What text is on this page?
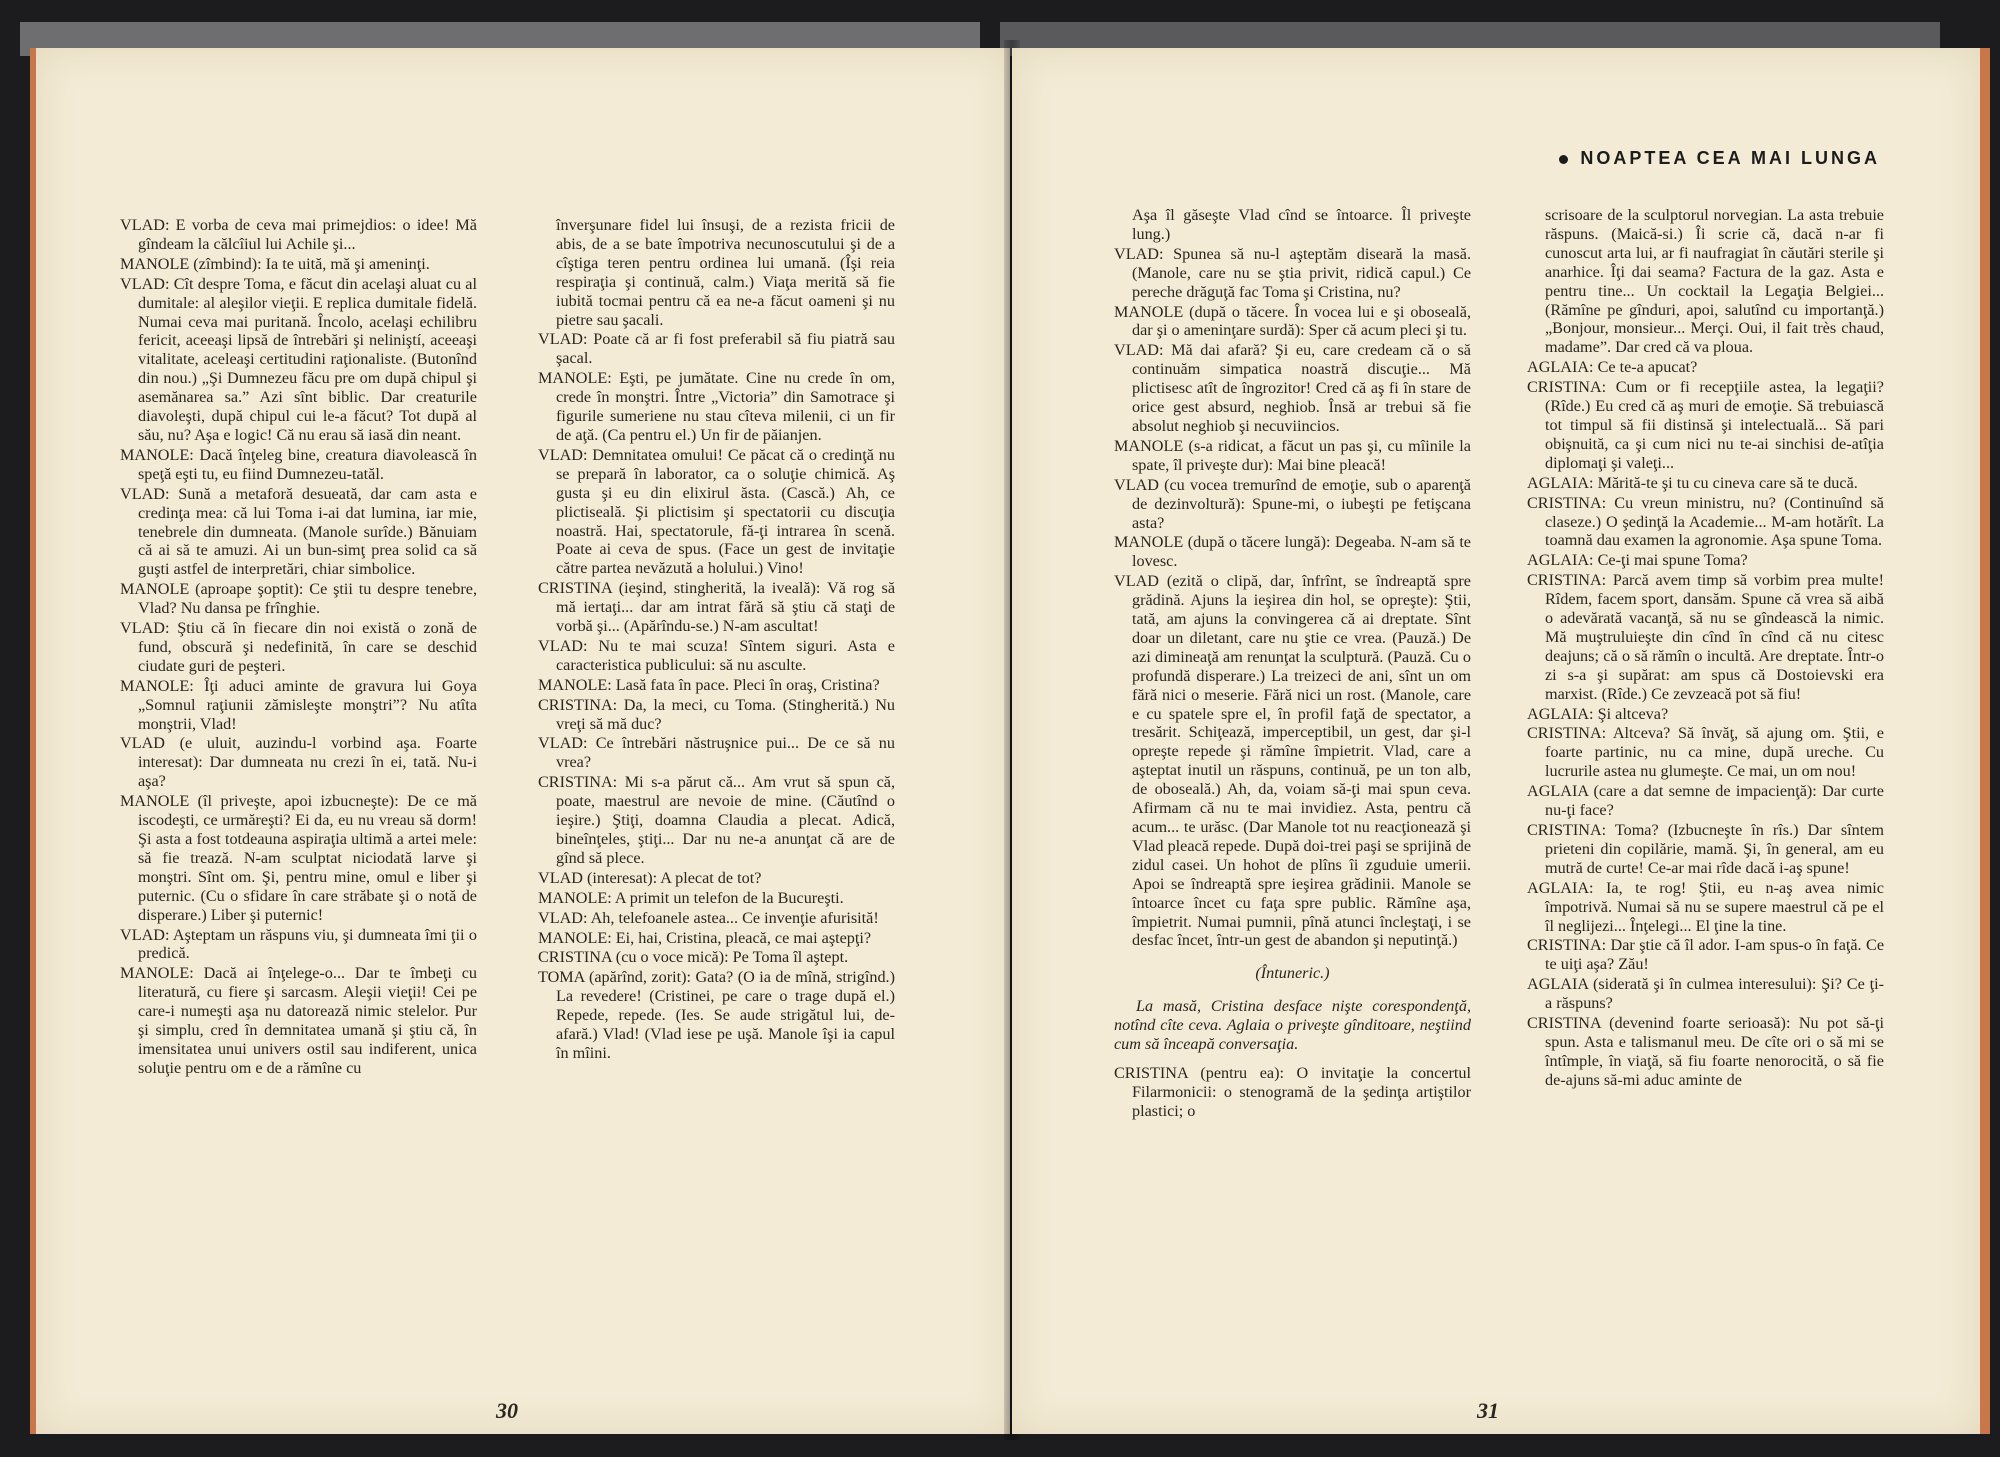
VLAD: E vorba de ceva mai primejdios: o idee! Mă gîndeam la călcîiul lui Achile şi...
MANOLE (zîmbind): Ia te uită, mă şi ameninţi.
VLAD: Cît despre Toma, e făcut din acelaşi aluat cu al dumitale: al aleşilor vieţii. E replica dumitale fidelă. Numai ceva mai puritană. Încolo, acelaşi echilibru fericit, aceeaşi lipsă de întrebări şi neliniştí, aceeaşi vitalitate, aceleaşi certitudini raţionaliste. (Butonînd din nou.) „Şi Dumnezeu făcu pre om după chipul şi asemănarea sa.” Azi sînt biblic. Dar creaturile diavoleşti, după chipul cui le-a făcut? Tot după al său, nu? Aşa e logic! Că nu erau să iasă din neant.
MANOLE: Dacă înţeleg bine, creatura diavolească în speţă eşti tu, eu fiind Dumnezeu-tatăl.
VLAD: Sună a metaforă desueată, dar cam asta e credinţa mea: că lui Toma i-ai dat lumina, iar mie, tenebrele din dumneata. (Manole surîde.) Bănuiam că ai să te amuzi. Ai un bun-simţ prea solid ca să guşti astfel de interpretări, chiar simbolice.
MANOLE (aproape şoptit): Ce ştii tu despre tenebre, Vlad? Nu dansa pe frînghie.
VLAD: Ştiu că în fiecare din noi există o zonă de fund, obscură şi nedefinită, în care se deschid ciudate guri de peşteri.
MANOLE: Îţi aduci aminte de gravura lui Goya „Somnul raţiunii zămisleşte monştri”? Nu atîta monştrii, Vlad!
VLAD (e uluit, auzindu-l vorbind aşa. Foarte interesat): Dar dumneata nu crezi în ei, tată. Nu-i aşa?
MANOLE (îl priveşte, apoi izbucneşte): De ce mă iscodeşti, ce urmăreşti? Ei da, eu nu vreau să dorm! Şi asta a fost totdeauna aspiraţia ultimă a artei mele: să fie trează. N-am sculptat niciodată larve şi monştri. Sînt om. Şi, pentru mine, omul e liber şi puternic. (Cu o sfidare în care străbate şi o notă de disperare.) Liber şi puternic!
VLAD: Aşteptam un răspuns viu, şi dumneata îmi ţii o predică.
MANOLE: Dacă ai înţelege-o... Dar te îmbeţi cu literatură, cu fiere şi sarcasm. Aleşii vieţii! Cei pe care-i numeşti aşa nu datorează nimic stelelor. Pur şi simplu, cred în demnitatea umană şi ştiu că, în imensitatea unui univers ostil sau indiferent, unica soluţie pentru om e de a rămîne cu
înverşunare fidel lui însuşi, de a rezista fricii de abis, de a se bate împotriva necunoscutului şi de a cîştiga teren pentru ordinea lui umană. (Îşi reia respiraţia şi continuă, calm.) Viaţa merită să fie iubită tocmai pentru că ea ne-a făcut oameni şi nu pietre sau şacali.
VLAD: Poate că ar fi fost preferabil să fiu piatră sau şacal.
MANOLE: Eşti, pe jumătate. Cine nu crede în om, crede în monştri. Între „Victoria” din Samotrace şi figurile sumeriene nu stau cîteva milenii, ci un fir de aţă. (Ca pentru el.) Un fir de păianjen.
VLAD: Demnitatea omului! Ce păcat că o credinţă nu se prepară în laborator, ca o soluţie chimică. Aş gusta şi eu din elixirul ăsta. (Cască.) Ah, ce plictiseală. Şi plictisim şi spectatorii cu discuţia noastră. Hai, spectatorule, fă-ţi intrarea în scenă. Poate ai ceva de spus. (Face un gest de invitaţie către partea nevăzută a holului.) Vino!
CRISTINA (ieşind, stingherită, la iveală): Vă rog să mă iertaţi... dar am intrat fără să ştiu că staţi de vorbă şi... (Apărîndu-se.) N-am ascultat!
VLAD: Nu te mai scuza! Sîntem siguri. Asta e caracteristica publicului: să nu asculte.
MANOLE: Lasă fata în pace. Pleci în oraş, Cristina?
CRISTINA: Da, la meci, cu Toma. (Stingherită.) Nu vreţi să mă duc?
VLAD: Ce întrebări năstruşnice pui... De ce să nu vrea?
CRISTINA: Mi s-a părut că... Am vrut să spun că, poate, maestrul are nevoie de mine. (Căutînd o ieşire.) Ştiţi, doamna Claudia a plecat. Adică, bineînţeles, ştiţi... Dar nu ne-a anunţat că are de gînd să plece.
VLAD (interesat): A plecat de tot?
MANOLE: A primit un telefon de la Bucureşti.
VLAD: Ah, telefoanele astea... Ce invenţie afurisită!
MANOLE: Ei, hai, Cristina, pleacă, ce mai aştepţi?
CRISTINA (cu o voce mică): Pe Toma îl aştept.
TOMA (apărînd, zorit): Gata? (O ia de mînă, strigînd.) La revedere! (Cristinei, pe care o trage după el.) Repede, repede. (Ies. Se aude strigătul lui, de-afară.) Vlad! (Vlad iese pe uşă. Manole îşi ia capul în mîini.
30
NOAPTEA CEA MAI LUNGA
Aşa îl găseşte Vlad cînd se întoarce. Îl priveşte lung.)
VLAD: Spunea să nu-l aşteptăm diseară la masă. (Manole, care nu se ştia privit, ridică capul.) Ce pereche drăguţă fac Toma şi Cristina, nu?
MANOLE (după o tăcere. În vocea lui e şi oboseală, dar şi o ameninţare surdă): Sper că acum pleci şi tu.
VLAD: Mă dai afară? Şi eu, care credeam că o să continuăm simpatica noastră discuţie... Mă plictisesc atît de îngrozitor! Cred că aş fi în stare de orice gest absurd, neghiob. Însă ar trebui să fie absolut neghiob şi necuviincios.
MANOLE (s-a ridicat, a făcut un pas şi, cu mîinile la spate, îl priveşte dur): Mai bine pleacă!
VLAD (cu vocea tremurînd de emoţie, sub o aparenţă de dezinvoltură): Spune-mi, o iubeşti pe fetişcana asta?
MANOLE (după o tăcere lungă): Degeaba. N-am să te lovesc.
VLAD (ezită o clipă, dar, înfrînt, se îndreaptă spre grădină. Ajuns la ieşirea din hol, se opreşte): Ştii, tată, am ajuns la convingerea că ai dreptate. Sînt doar un diletant, care nu ştie ce vrea. (Pauză.) De azi dimineaţă am renunţat la sculptură. (Pauză. Cu o profundă disperare.) La treizeci de ani, sînt un om fără nici o meserie. Fără nici un rost. (Manole, care e cu spatele spre el, în profil faţă de spectator, a tresărit. Schiţează, imperceptibil, un gest, dar şi-l opreşte repede şi rămîne împietrit. Vlad, care a aşteptat inutil un răspuns, continuă, pe un ton alb, de oboseală.) Ah, da, voiam să-ţi mai spun ceva. Afirmam că nu te mai invidiez. Asta, pentru că acum... te urăsc. (Dar Manole tot nu reacţionează şi Vlad pleacă repede. După doi-trei paşi se sprijină de zidul casei. Un hohot de plîns îi zguduie umerii. Apoi se îndreaptă spre ieşirea grădinii. Manole se întoarce încet cu faţa spre public. Rămîne aşa, împietrit. Numai pumnii, pînă atunci încleştaţi, i se desfac încet, într-un gest de abandon şi neputinţă.)
(Întuneric.)
La masă, Cristina desface nişte corespondenţă, notînd cîte ceva. Aglaia o priveşte gînditoare, neştiind cum să înceapă conversaţia.
CRISTINA (pentru ea): O invitaţie la concertul Filarmonicii: o stenogramă de la şedinţa artiştilor plastici; o
scrisoare de la sculptorul norvegian. La asta trebuie răspuns. (Maică-si.) Îi scrie că, dacă n-ar fi cunoscut arta lui, ar fi naufragiat în căutări sterile şi anarhice. Îţi dai seama? Factura de la gaz. Asta e pentru tine... Un cocktail la Legaţia Belgiei... (Rămîne pe gînduri, apoi, salutînd cu importanţă.) „Bonjour, monsieur... Merçi. Oui, il fait très chaud, madame”. Dar cred că va ploua.
AGLAIA: Ce te-a apucat?
CRISTINA: Cum or fi recepţiile astea, la legaţii? (Rîde.) Eu cred că aş muri de emoţie. Să trebuiască tot timpul să fii distinsă şi intelectuală... Să pari obişnuită, ca şi cum nici nu te-ai sinchisi de-atîţia diplomaţi şi valeţi...
AGLAIA: Mărită-te şi tu cu cineva care să te ducă.
CRISTINA: Cu vreun ministru, nu? (Continuînd să claseze.) O şedinţă la Academie... M-am hotărît. La toamnă dau examen la agronomie. Aşa spune Toma.
AGLAIA: Ce-ţi mai spune Toma?
CRISTINA: Parcă avem timp să vorbim prea multe! Rîdem, facem sport, dansăm. Spune că vrea să aibă o adevărată vacanţă, să nu se gîndească la nimic. Mă muştruluieşte din cînd în cînd că nu citesc deajuns; că o să rămîn o incultă. Are dreptate. Într-o zi s-a şi supărat: am spus că Dostoievski era marxist. (Rîde.) Ce zevzeacă pot să fiu!
AGLAIA: Şi altceva?
CRISTINA: Altceva? Să învăţ, să ajung om. Ştii, e foarte partinic, nu ca mine, după ureche. Cu lucrurile astea nu glumeşte. Ce mai, un om nou!
AGLAIA (care a dat semne de impacienţă): Dar curte nu-ţi face?
CRISTINA: Toma? (Izbucneşte în rîs.) Dar sîntem prieteni din copilărie, mamă. Şi, în general, am eu mutră de curte! Ce-ar mai rîde dacă i-aş spune!
AGLAIA: Ia, te rog! Ştii, eu n-aş avea nimic împotrivă. Numai să nu se supere maestrul că pe el îl neglijezi... Înţelegi... El ţine la tine.
CRISTINA: Dar ştie că îl ador. I-am spus-o în faţă. Ce te uiţi aşa? Zău!
AGLAIA (siderată şi în culmea interesului): Şi? Ce ţi-a răspuns?
CRISTINA (devenind foarte serioasă): Nu pot să-ţi spun. Asta e talismanul meu. De cîte ori o să mi se întîmple, în viaţă, să fiu foarte nenorocită, o să fie de-ajuns să-mi aduc aminte de
31
